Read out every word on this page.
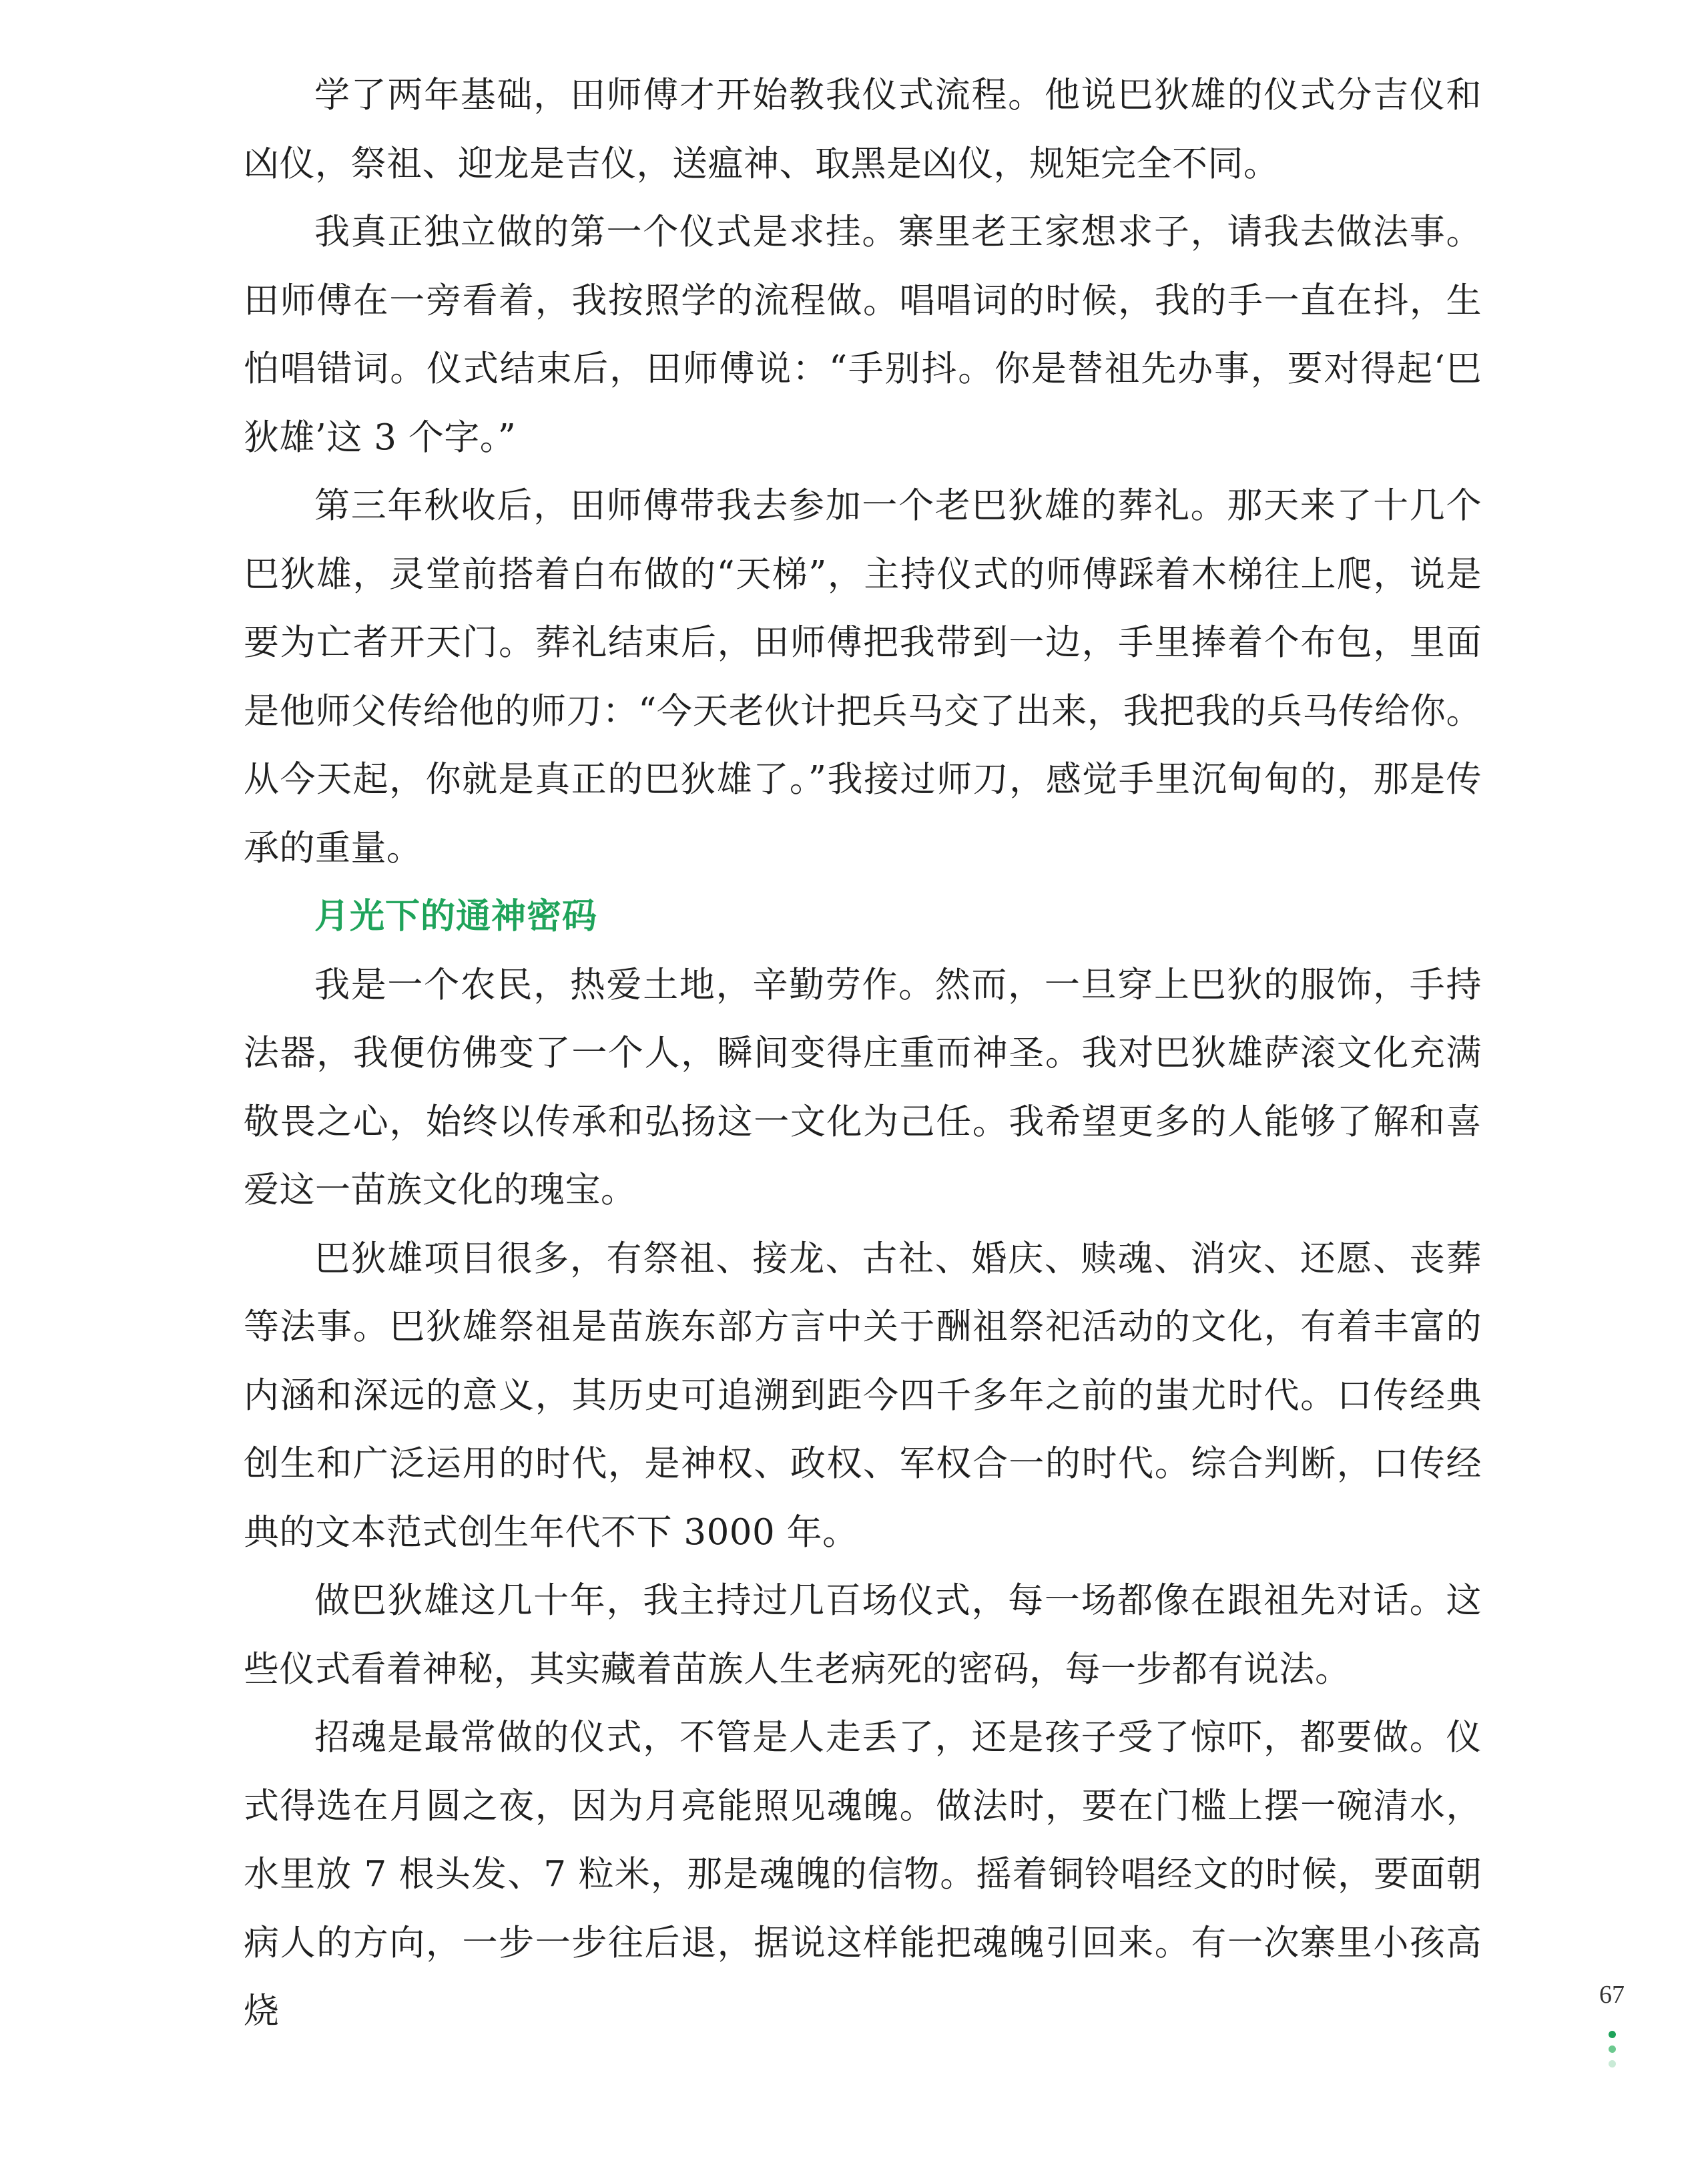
学了两年基础，田师傅才开始教我仪式流程。他说巴狄雄的仪式分吉仪和凶仪，祭祖、迎龙是吉仪，送瘟神、取黑是凶仪，规矩完全不同。

我真正独立做的第一个仪式是求挂。寨里老王家想求子，请我去做法事。田师傅在一旁看着，我按照学的流程做。唱唱词的时候，我的手一直在抖，生怕唱错词。仪式结束后，田师傅说：“手别抖。你是替祖先办事，要对得起‘巴狄雄’这 3 个字。”

第三年秋收后，田师傅带我去参加一个老巴狄雄的葬礼。那天来了十几个巴狄雄，灵堂前搭着白布做的“天梯”，主持仪式的师傅踩着木梯往上爬，说是要为亡者开天门。葬礼结束后，田师傅把我带到一边，手里捧着个布包，里面是他师父传给他的师刀：“今天老伙计把兵马交了出来，我把我的兵马传给你。从今天起，你就是真正的巴狄雄了。”我接过师刀，感觉手里沉甸甸的，那是传承的重量。

月光下的通神密码

我是一个农民，热爱土地，辛勤劳作。然而，一旦穿上巴狄的服饰，手持法器，我便仿佛变了一个人，瞬间变得庄重而神圣。我对巴狄雄萨滚文化充满敬畏之心，始终以传承和弘扬这一文化为己任。我希望更多的人能够了解和喜爱这一苗族文化的瑰宝。

巴狄雄项目很多，有祭祖、接龙、古社、婚庆、赎魂、消灾、还愿、丧葬等法事。巴狄雄祭祖是苗族东部方言中关于酬祖祭祀活动的文化，有着丰富的内涵和深远的意义，其历史可追溯到距今四千多年之前的蚩尤时代。口传经典创生和广泛运用的时代，是神权、政权、军权合一的时代。综合判断，口传经典的文本范式创生年代不下 3000 年。

做巴狄雄这几十年，我主持过几百场仪式，每一场都像在跟祖先对话。这些仪式看着神秘，其实藏着苗族人生老病死的密码，每一步都有说法。

招魂是最常做的仪式，不管是人走丢了，还是孩子受了惊吓，都要做。仪式得选在月圆之夜，因为月亮能照见魂魄。做法时，要在门槛上摆一碗清水，水里放 7 根头发、7 粒米，那是魂魄的信物。摇着铜铃唱经文的时候，要面朝病人的方向，一步一步往后退，据说这样能把魂魄引回来。有一次寨里小孩高烧	67
